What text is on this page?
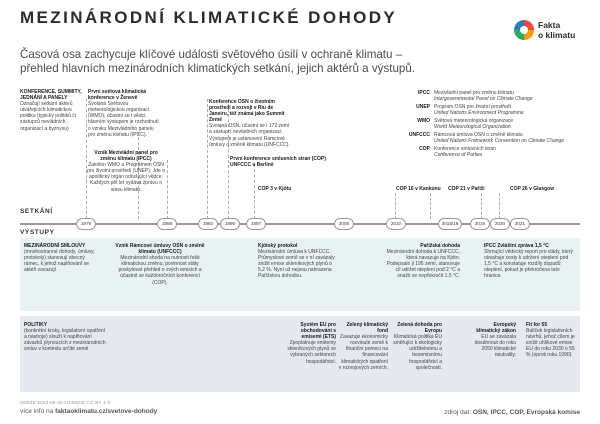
MEZINÁRODNÍ KLIMATICKÉ DOHODY	Fakta
o klimatu
Časová osa zachycuje klíčové události světového úsilí v ochraně klimatu – přehled hlavních mezinárodních klimatických setkání, jejich aktérů a výstupů.
KONFERENCE, SUMMITY, JEDNÁNÍ A PANELY
Označují setkání aktérů utvářejících klimatickou politiku (typicky politiků či zástupců nevládních organizací a byznysu)
První světová klimatická konference v Ženevě
Svolaná Světovou meteorologickou organizací (WMO), účastní se i vědci, hlavním výstupem je rozhodnutí o vzniku Mezivládního panelu pro změnu klimatu (IPCC).
Vznik Mezivládní panel pro změnu klimatu (IPCC)
Založen WMO a Programem OSN pro životní prostředí (UNEP). Jde o apolitický orgán odrušující vědce. Každých pět let vydává zprávu o stavu klimatu.
Konference OSN o životním prostředí a rozvoji v Riu de Janeiru, též známá jako Summit Země
Svolaná OSN, účastní se i 172 zemí a zástupci nevládních organizací. Výstupem je ustanovení Rámcové úmluvy o změně klimatu (UNFCCC).
První konference smluvních stran (COP) UNFCCC v Berlíně
COP 3 v Kjótu	COP 16 v Kankúnu	COP 21 v Paříži	COP 26 v Glasgow
IPCC Mezivládní panel pro změnu klimatu
Intergovernmental Panel on Climate Change
UNEP Program OSN pro životní prostředí
United Nations Environment Programme
WMO Světová meteorologická organizace
World Meteorological Organization
UNFCCC Rámcová úmluva OSN o změně klimatu
United Nations Framework Convention on Climate Change
COP Konference smluvních stran
Conference of Parties
SETKÁNÍ
VÝSTUPY
1979	1988	1992	1995	1997	2005	2010	2015/16	2018	2020	2021
MEZINÁRODNÍ SMLOUVY
(mnohostranné dohody, úmluvy, protokoly) stanovují obecný rámec, k jehož naplňování se aktéři zavazují
Vznik Rámcové úmluvy OSN o změně klimatu (UNFCCC)
Mezinárodní shoda na nutnosti řešit klimatickou změnu, povinnost státy poskytovat přehled o svých emisích a účastnit se každoročních konferencí (COP).
Kjótský protokol
Mezinárodní úmluva k UNFCCC. Průmyslové země se v ní zavázaly snížit emise skleníkových plynů o 5,2 %. Nyní už nejsou nahrazena Pařížskou dohodou.
Pařížská dohoda
Mezinárodní dohoda k UNFCCC, která navazuje na Kjóto. Podepsalo ji 195 zemí, stanovuje cíl udržet oteplení pod 2 °C a snažit se nepřekročit 1,5 °C.
IPCC Zvláštní zpráva 1,5 °C
Shrnující vědecký report pro vlády, který obsahuje cesty k udržení oteplení pod 1,5 °C a konstatuje rozdíly dopadů oteplení, pokud je překročena tato hranice.
POLITIKY
(konkrétní kroky, legislativní opatření a nástroje) slouží k naplňování závazků plynoucích z mezinárodních smluv v kontextu určité země
Systém EU pro obchodování s emisemi (ETS)
Zpoplatnuje emitenty skleníkových plynů ve vybraných sektorech hospodářství.
Zelený klimatický fond
Zavazuje ekonomicky rozvinuté země k finanční pomoci na financování klimatických opatření v rozvojových zemích.
Zelená dohoda pro Evropu
Klimatická politika EU směřující k ekologicky udržitelnému a bezemisnímu hospodářství a společnosti.
Evropský klimatický zákon
EU se zavázala dosáhnout do roku 2050 klimatické neutrality.
Fit for 55
Balíček legislativních návrhů, jehož cílem je snížit uhlíkové emise EU do roku 2030 o 55 % (oproti roku 1990).
VERZE 2023-06-30 LICENCE CC BY 4.0
více info na faktaoklimatu.cz/svetove-dohody	zdroj dat: OSN, IPCC, COP, Evropská komise
